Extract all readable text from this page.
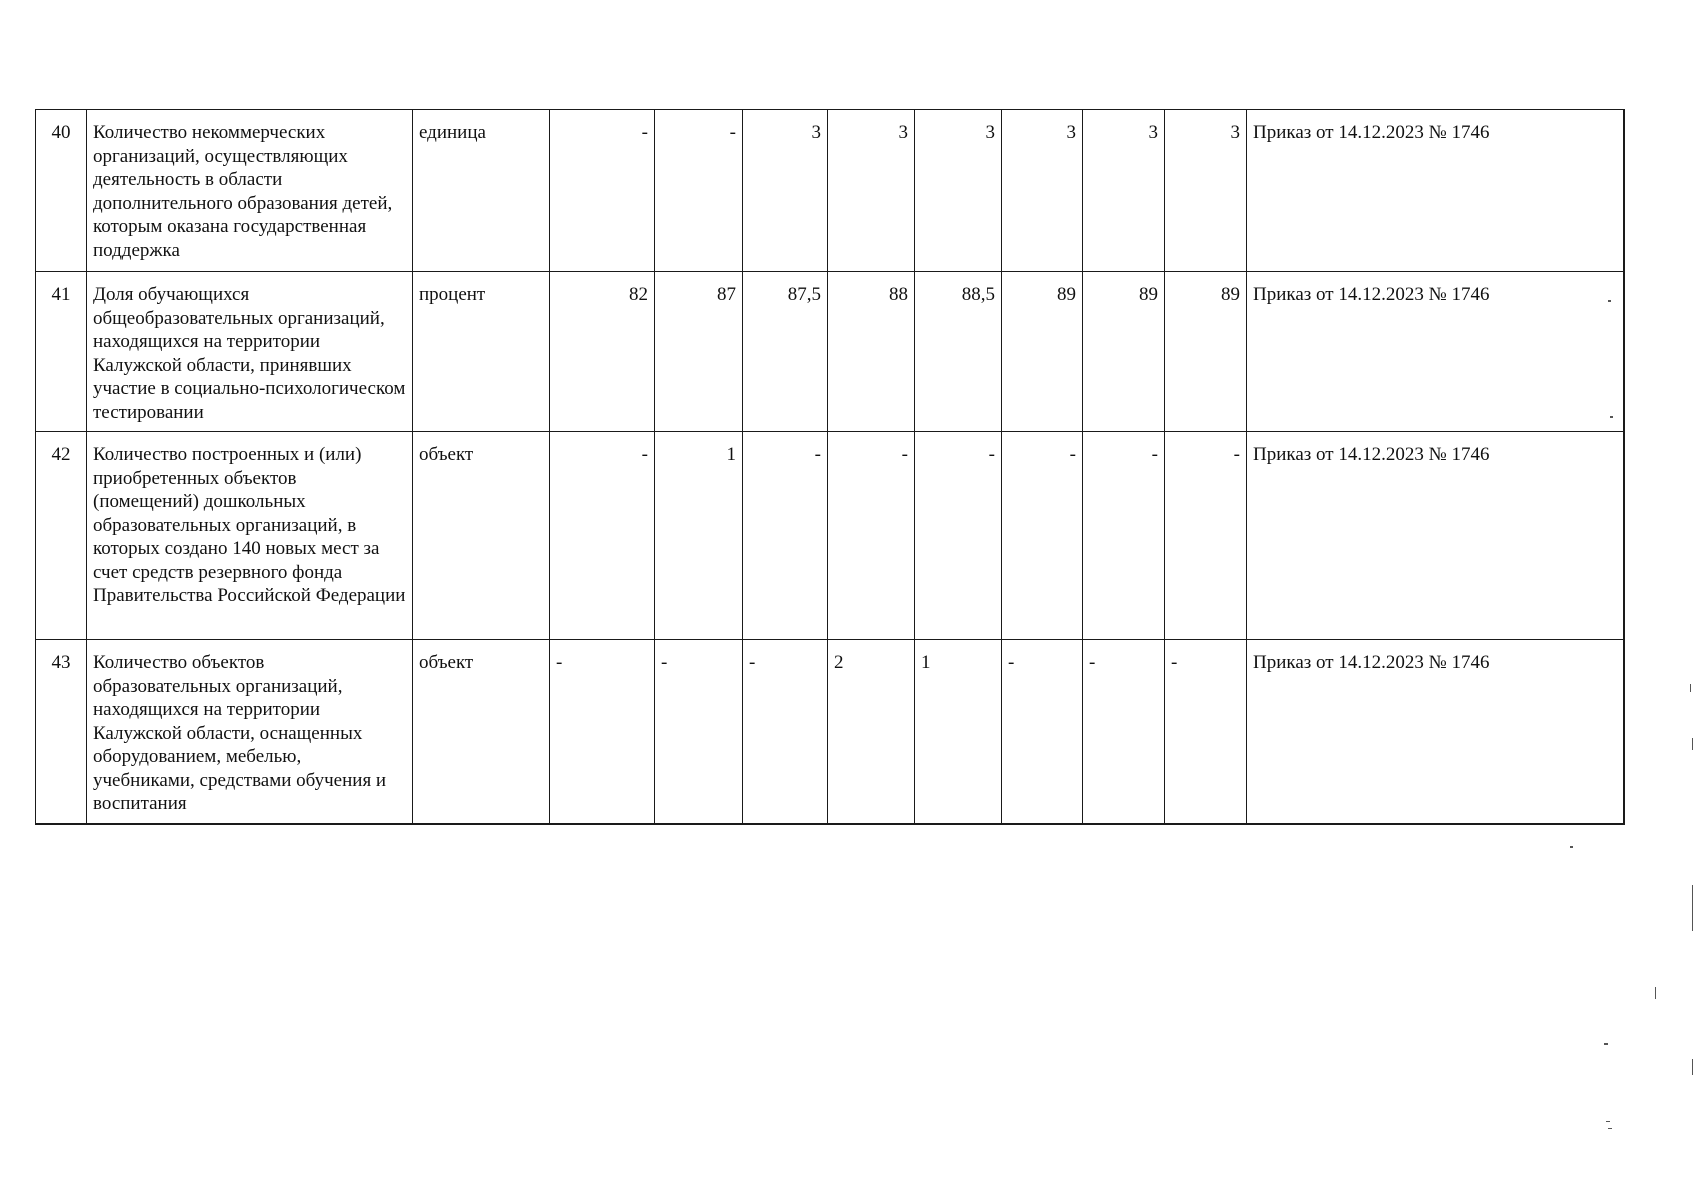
40	Количество некоммерческих организаций, осуществляющих деятельность в области дополнительного образования детей, которым оказана государственная поддержка	единица	-	-	3	3	3	3	3	3	Приказ от 14.12.2023 № 1746
41	Доля обучающихся общеобразовательных организаций, находящихся на территории Калужской области, принявших участие в социально-психологическом тестировании	процент	82	87	87,5	88	88,5	89	89	89	Приказ от 14.12.2023 № 1746
42	Количество построенных и (или) приобретенных объектов (помещений) дошкольных образовательных организаций, в которых создано 140 новых мест за счет средств резервного фонда Правительства Российской Федерации	объект	-	1	-	-	-	-	-	-	Приказ от 14.12.2023 № 1746
43	Количество объектов образовательных организаций, находящихся на территории Калужской области, оснащенных оборудованием, мебелью, учебниками, средствами обучения и воспитания	объект	-	-	-	2	1	-	-	-	Приказ от 14.12.2023 № 1746
